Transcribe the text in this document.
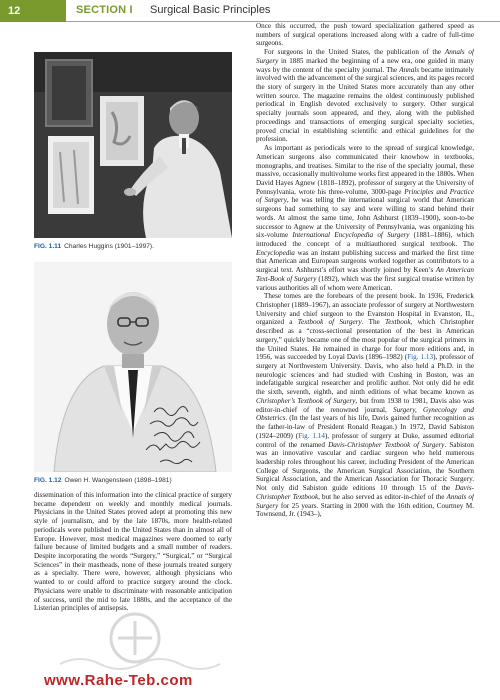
12	SECTION I Surgical Basic Principles
FIG. 1.11 Charles Huggins (1901–1997).
FIG. 1.12 Owen H. Wangensteen (1898–1981)

dissemination of this information into the clinical practice of surgery became dependent on weekly and monthly medical journals. Physicians in the United States proved adept at promoting this new style of journalism, and by the late 1870s, more health-related periodicals were published in the United States than in almost all of Europe. However, most medical magazines were doomed to early failure because of limited budgets and a small number of readers. Despite incorporating the words “Surgery,” “Surgical,” or “Surgical Sciences” in their mastheads, none of these journals treated surgery as a specialty. There were, however, although physicians who wanted to or could afford to practice surgery around the clock. Physicians were unable to discriminate with reasonable anticipation of success, until the mid to late 1880s, and the acceptance of the Listerian principles of antisepsis.

www.Rahe-Teb.com

Once this occurred, the push toward specialization gathered speed as numbers of surgical operations increased along with a cadre of full-time surgeons.

For surgeons in the United States, the publication of the Annals of Surgery in 1885 marked the beginning of a new era, one guided in many ways by the content of the specialty journal. The Annals became intimately involved with the advancement of the surgical sciences, and its pages record the story of surgery in the United States more accurately than any other written source. The magazine remains the oldest continuously published periodical in English devoted exclusively to surgery. Other surgical specialty journals soon appeared, and they, along with the published proceedings and transactions of emerging surgical specialty societies, proved crucial in establishing scientific and ethical guidelines for the profession.

As important as periodicals were to the spread of surgical knowledge, American surgeons also communicated their knowhow in textbooks, monographs, and treatises. Similar to the rise of the specialty journal, these massive, occasionally multivolume works first appeared in the 1880s. When David Hayes Agnew (1818–1892), professor of surgery at the University of Pennsylvania, wrote his three-volume, 3000-page Principles and Practice of Surgery, he was telling the international surgical world that American surgeons had something to say and were willing to stand behind their words. At almost the same time, John Ashhurst (1839–1900), soon-to-be successor to Agnew at the University of Pennsylvania, was organizing his six-volume International Encyclopedia of Surgery (1881–1886), which introduced the concept of a multiauthored surgical textbook. The Encyclopedia was an instant publishing success and marked the first time that American and European surgeons worked together as contributors to a surgical text. Ashhurst’s effort was shortly joined by Keen’s An American Text-Book of Surgery (1892), which was the first surgical treatise written by various authorities all of whom were American.

These tomes are the forebears of the present book. In 1936, Frederick Christopher (1889–1967), an associate professor of surgery at Northwestern University and chief surgeon to the Evanston Hospital in Evanston, IL, organized a Textbook of Surgery. The Textbook, which Christopher described as a “cross-sectional presentation of the best in American surgery,” quickly became one of the most popular of the surgical primers in the United States. He remained in charge for four more editions and, in 1956, was succeeded by Loyal Davis (1896–1982) (Fig. 1.13), professor of surgery at Northwestern University. Davis, who also held a Ph.D. in the neurologic sciences and had studied with Cushing in Boston, was an indefatigable surgical researcher and prolific author. Not only did he edit the sixth, seventh, eighth, and ninth editions of what became known as Christopher’s Textbook of Surgery, but from 1938 to 1981, Davis also was editor-in-chief of the renowned journal, Surgery, Gynecology and Obstetrics. (In the last years of his life, Davis gained further recognition as the father-in-law of President Ronald Reagan.) In 1972, David Sabiston (1924–2009) (Fig. 1.14), professor of surgery at Duke, assumed editorial control of the renamed Davis-Christopher Textbook of Surgery. Sabiston was an innovative vascular and cardiac surgeon who held numerous leadership roles throughout his career, including President of the American College of Surgeons, the American Surgical Association, the Southern Surgical Association, and the American Association for Thoracic Surgery. Not only did Sabiston guide editions 10 through 15 of the Davis-Christopher Textbook, but he also served as editor-in-chief of the Annals of Surgery for 25 years. Starting in 2000 with the 16th edition, Courtney M. Townsend, Jr. (1943–),
